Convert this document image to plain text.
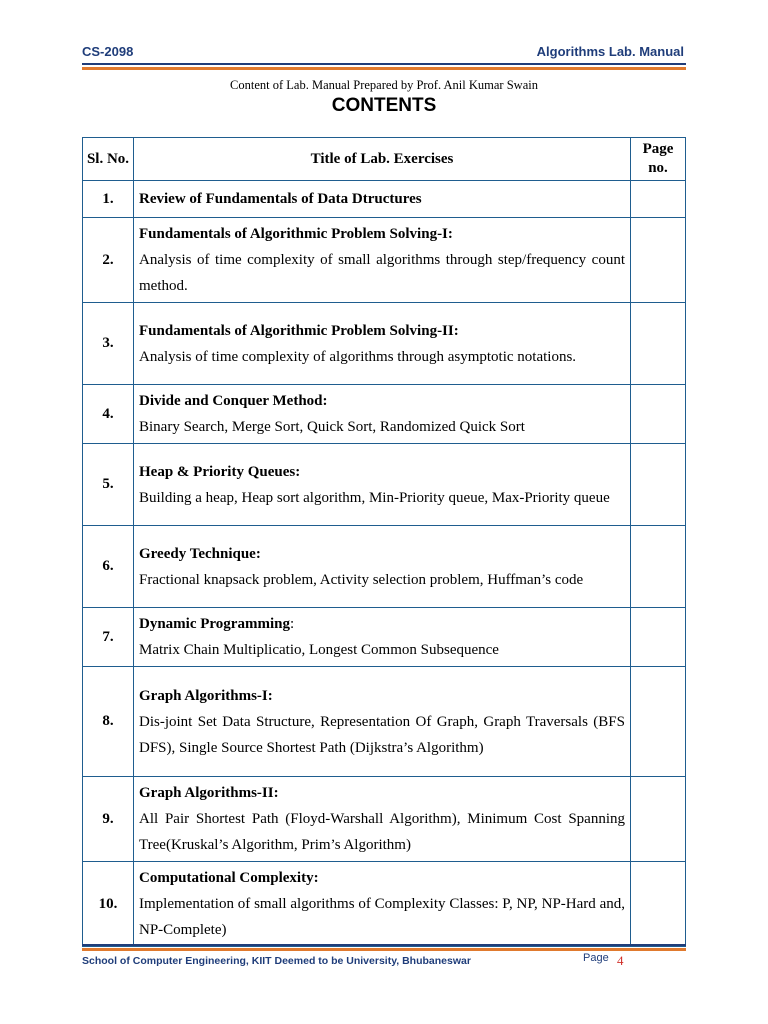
CS-2098	Algorithms Lab. Manual
Content of Lab. Manual Prepared by Prof. Anil Kumar Swain
CONTENTS
Sl. No.	Title of Lab. Exercises	Page no.
1.	Review of Fundamentals of Data Dtructures	

2.	Fundamentals of Algorithmic Problem Solving-I:
Analysis of time complexity of small algorithms through step/frequency count method.	

3.	Fundamentals of Algorithmic Problem Solving-II:
Analysis of time complexity of algorithms through asymptotic notations.	

4.	Divide and Conquer Method:
Binary Search, Merge Sort, Quick Sort, Randomized Quick Sort	

5.	Heap & Priority Queues:
Building a heap, Heap sort algorithm, Min-Priority queue, Max-Priority queue	

6.	Greedy Technique:
Fractional knapsack problem, Activity selection problem, Huffman’s code	

7.	Dynamic Programming:
Matrix Chain Multiplicatio, Longest Common Subsequence	

8.	Graph Algorithms-I:
Dis-joint Set Data Structure, Representation Of Graph, Graph Traversals (BFS DFS), Single Source Shortest Path (Dijkstra’s Algorithm)	

9.	Graph Algorithms-II:
All Pair Shortest Path (Floyd-Warshall Algorithm), Minimum Cost Spanning Tree(Kruskal’s Algorithm, Prim’s Algorithm)	

10.	Computational Complexity:
Implementation of small algorithms of Complexity Classes: P, NP, NP-Hard and, NP-Complete)	

School of Computer Engineering, KIIT Deemed to be University, Bhubaneswar	Page 4
